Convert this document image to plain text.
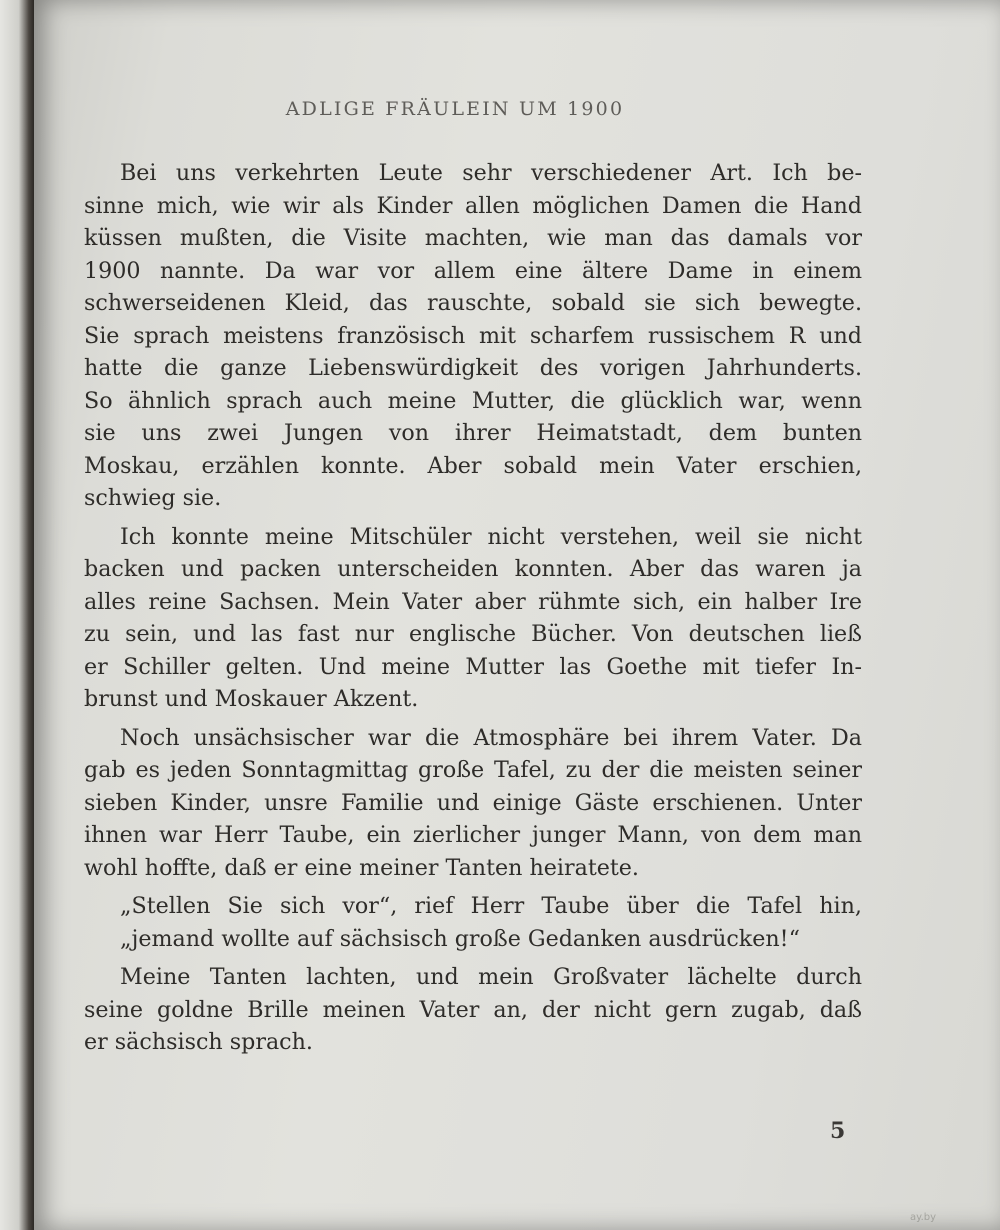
ADLIGE FRÄULEIN UM 1900
Bei uns verkehrten Leute sehr verschiedener Art. Ich be-
sinne mich, wie wir als Kinder allen möglichen Damen die Hand
küssen mußten, die Visite machten, wie man das damals vor
1900 nannte. Da war vor allem eine ältere Dame in einem
schwerseidenen Kleid, das rauschte, sobald sie sich bewegte.
Sie sprach meistens französisch mit scharfem russischem R und
hatte die ganze Liebenswürdigkeit des vorigen Jahrhunderts.
So ähnlich sprach auch meine Mutter, die glücklich war, wenn
sie uns zwei Jungen von ihrer Heimatstadt, dem bunten
Moskau, erzählen konnte. Aber sobald mein Vater erschien,
schwieg sie.
Ich konnte meine Mitschüler nicht verstehen, weil sie nicht
backen und packen unterscheiden konnten. Aber das waren ja
alles reine Sachsen. Mein Vater aber rühmte sich, ein halber Ire
zu sein, und las fast nur englische Bücher. Von deutschen ließ
er Schiller gelten. Und meine Mutter las Goethe mit tiefer In-
brunst und Moskauer Akzent.
Noch unsächsischer war die Atmosphäre bei ihrem Vater. Da
gab es jeden Sonntagmittag große Tafel, zu der die meisten seiner
sieben Kinder, unsre Familie und einige Gäste erschienen. Unter
ihnen war Herr Taube, ein zierlicher junger Mann, von dem man
wohl hoffte, daß er eine meiner Tanten heiratete.
„Stellen Sie sich vor“, rief Herr Taube über die Tafel hin,
„jemand wollte auf sächsisch große Gedanken ausdrücken!“
Meine Tanten lachten, und mein Großvater lächelte durch
seine goldne Brille meinen Vater an, der nicht gern zugab, daß
er sächsisch sprach.
5
ay.by
